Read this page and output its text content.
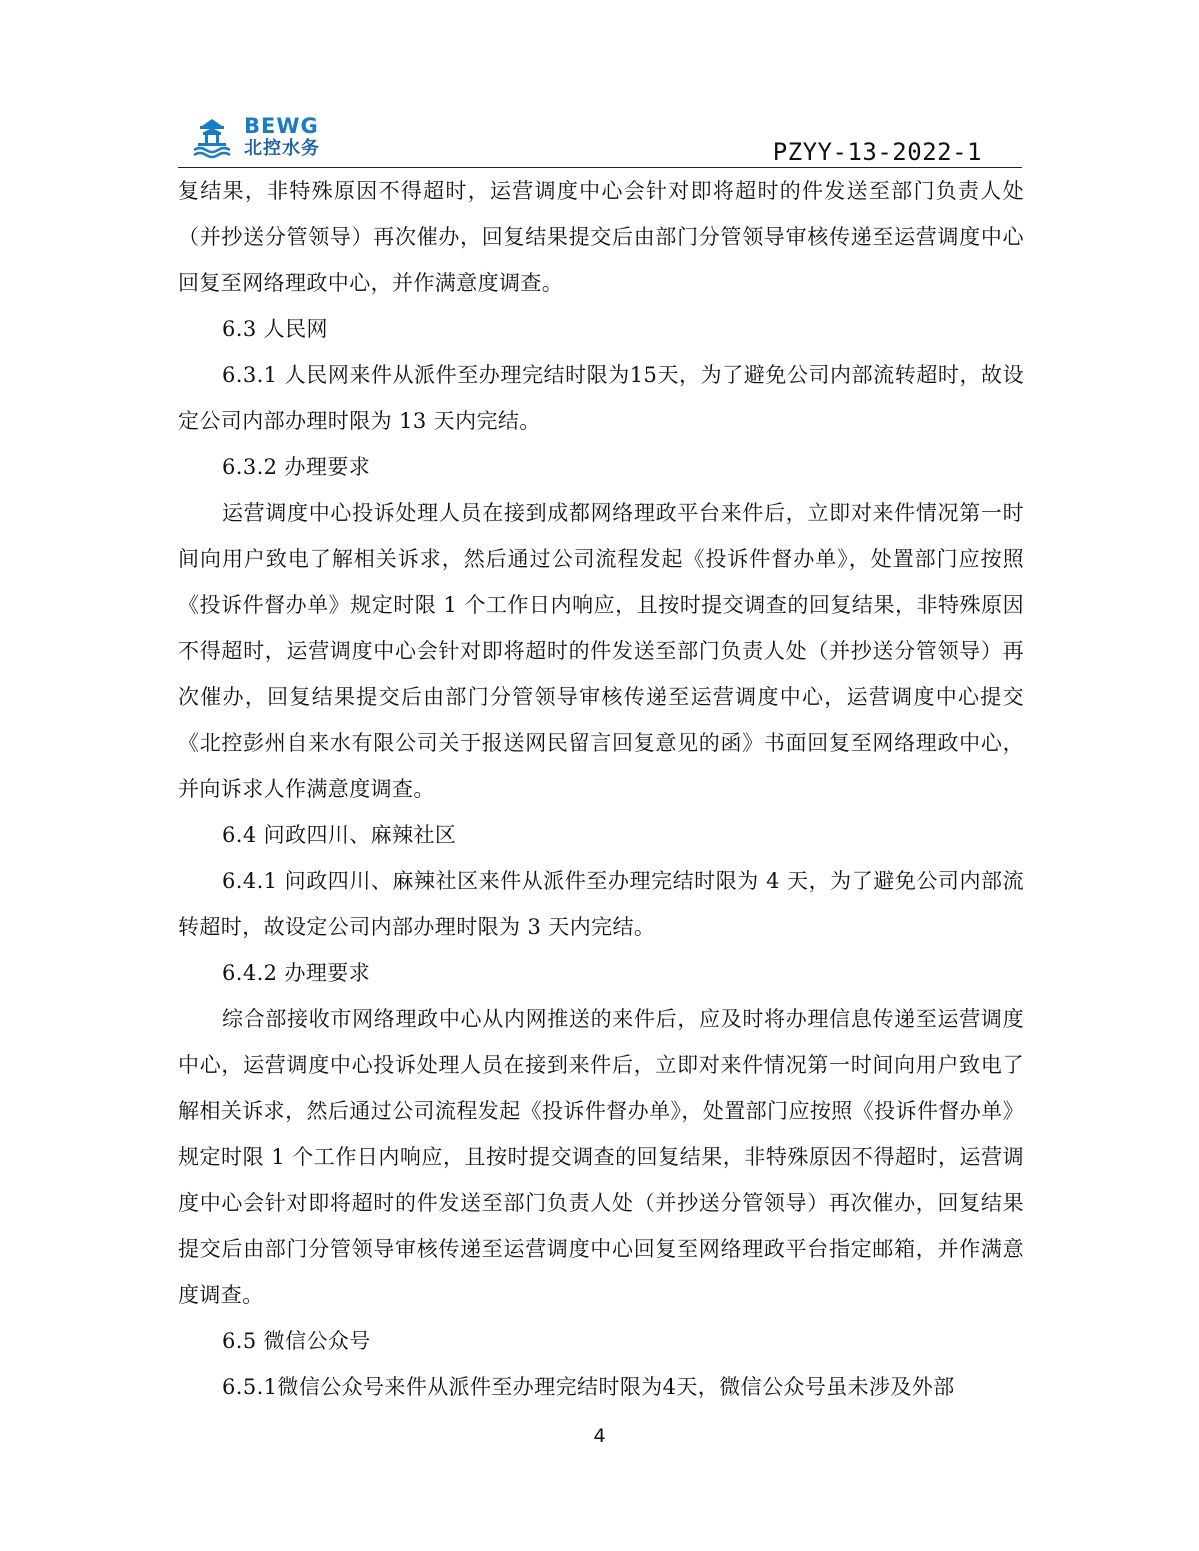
BEWG
北控水务	PZYY-13-2022-1

复结果，非特殊原因不得超时，运营调度中心会针对即将超时的件发送至部门负责人处（并抄送分管领导）再次催办，回复结果提交后由部门分管领导审核传递至运营调度中心回复至网络理政中心，并作满意度调查。

6.3 人民网

6.3.1 人民网来件从派件至办理完结时限为15天，为了避免公司内部流转超时，故设定公司内部办理时限为 13 天内完结。

6.3.2 办理要求

运营调度中心投诉处理人员在接到成都网络理政平台来件后，立即对来件情况第一时间向用户致电了解相关诉求，然后通过公司流程发起《投诉件督办单》，处置部门应按照《投诉件督办单》规定时限 1 个工作日内响应，且按时提交调查的回复结果，非特殊原因不得超时，运营调度中心会针对即将超时的件发送至部门负责人处（并抄送分管领导）再次催办，回复结果提交后由部门分管领导审核传递至运营调度中心，运营调度中心提交《北控彭州自来水有限公司关于报送网民留言回复意见的函》书面回复至网络理政中心，并向诉求人作满意度调查。

6.4 问政四川、麻辣社区

6.4.1 问政四川、麻辣社区来件从派件至办理完结时限为 4 天，为了避免公司内部流转超时，故设定公司内部办理时限为 3 天内完结。

6.4.2 办理要求

综合部接收市网络理政中心从内网推送的来件后，应及时将办理信息传递至运营调度中心，运营调度中心投诉处理人员在接到来件后，立即对来件情况第一时间向用户致电了解相关诉求，然后通过公司流程发起《投诉件督办单》，处置部门应按照《投诉件督办单》规定时限 1 个工作日内响应，且按时提交调查的回复结果，非特殊原因不得超时，运营调度中心会针对即将超时的件发送至部门负责人处（并抄送分管领导）再次催办，回复结果提交后由部门分管领导审核传递至运营调度中心回复至网络理政平台指定邮箱，并作满意度调查。

6.5 微信公众号

6.5.1微信公众号来件从派件至办理完结时限为4天，微信公众号虽未涉及外部

4
